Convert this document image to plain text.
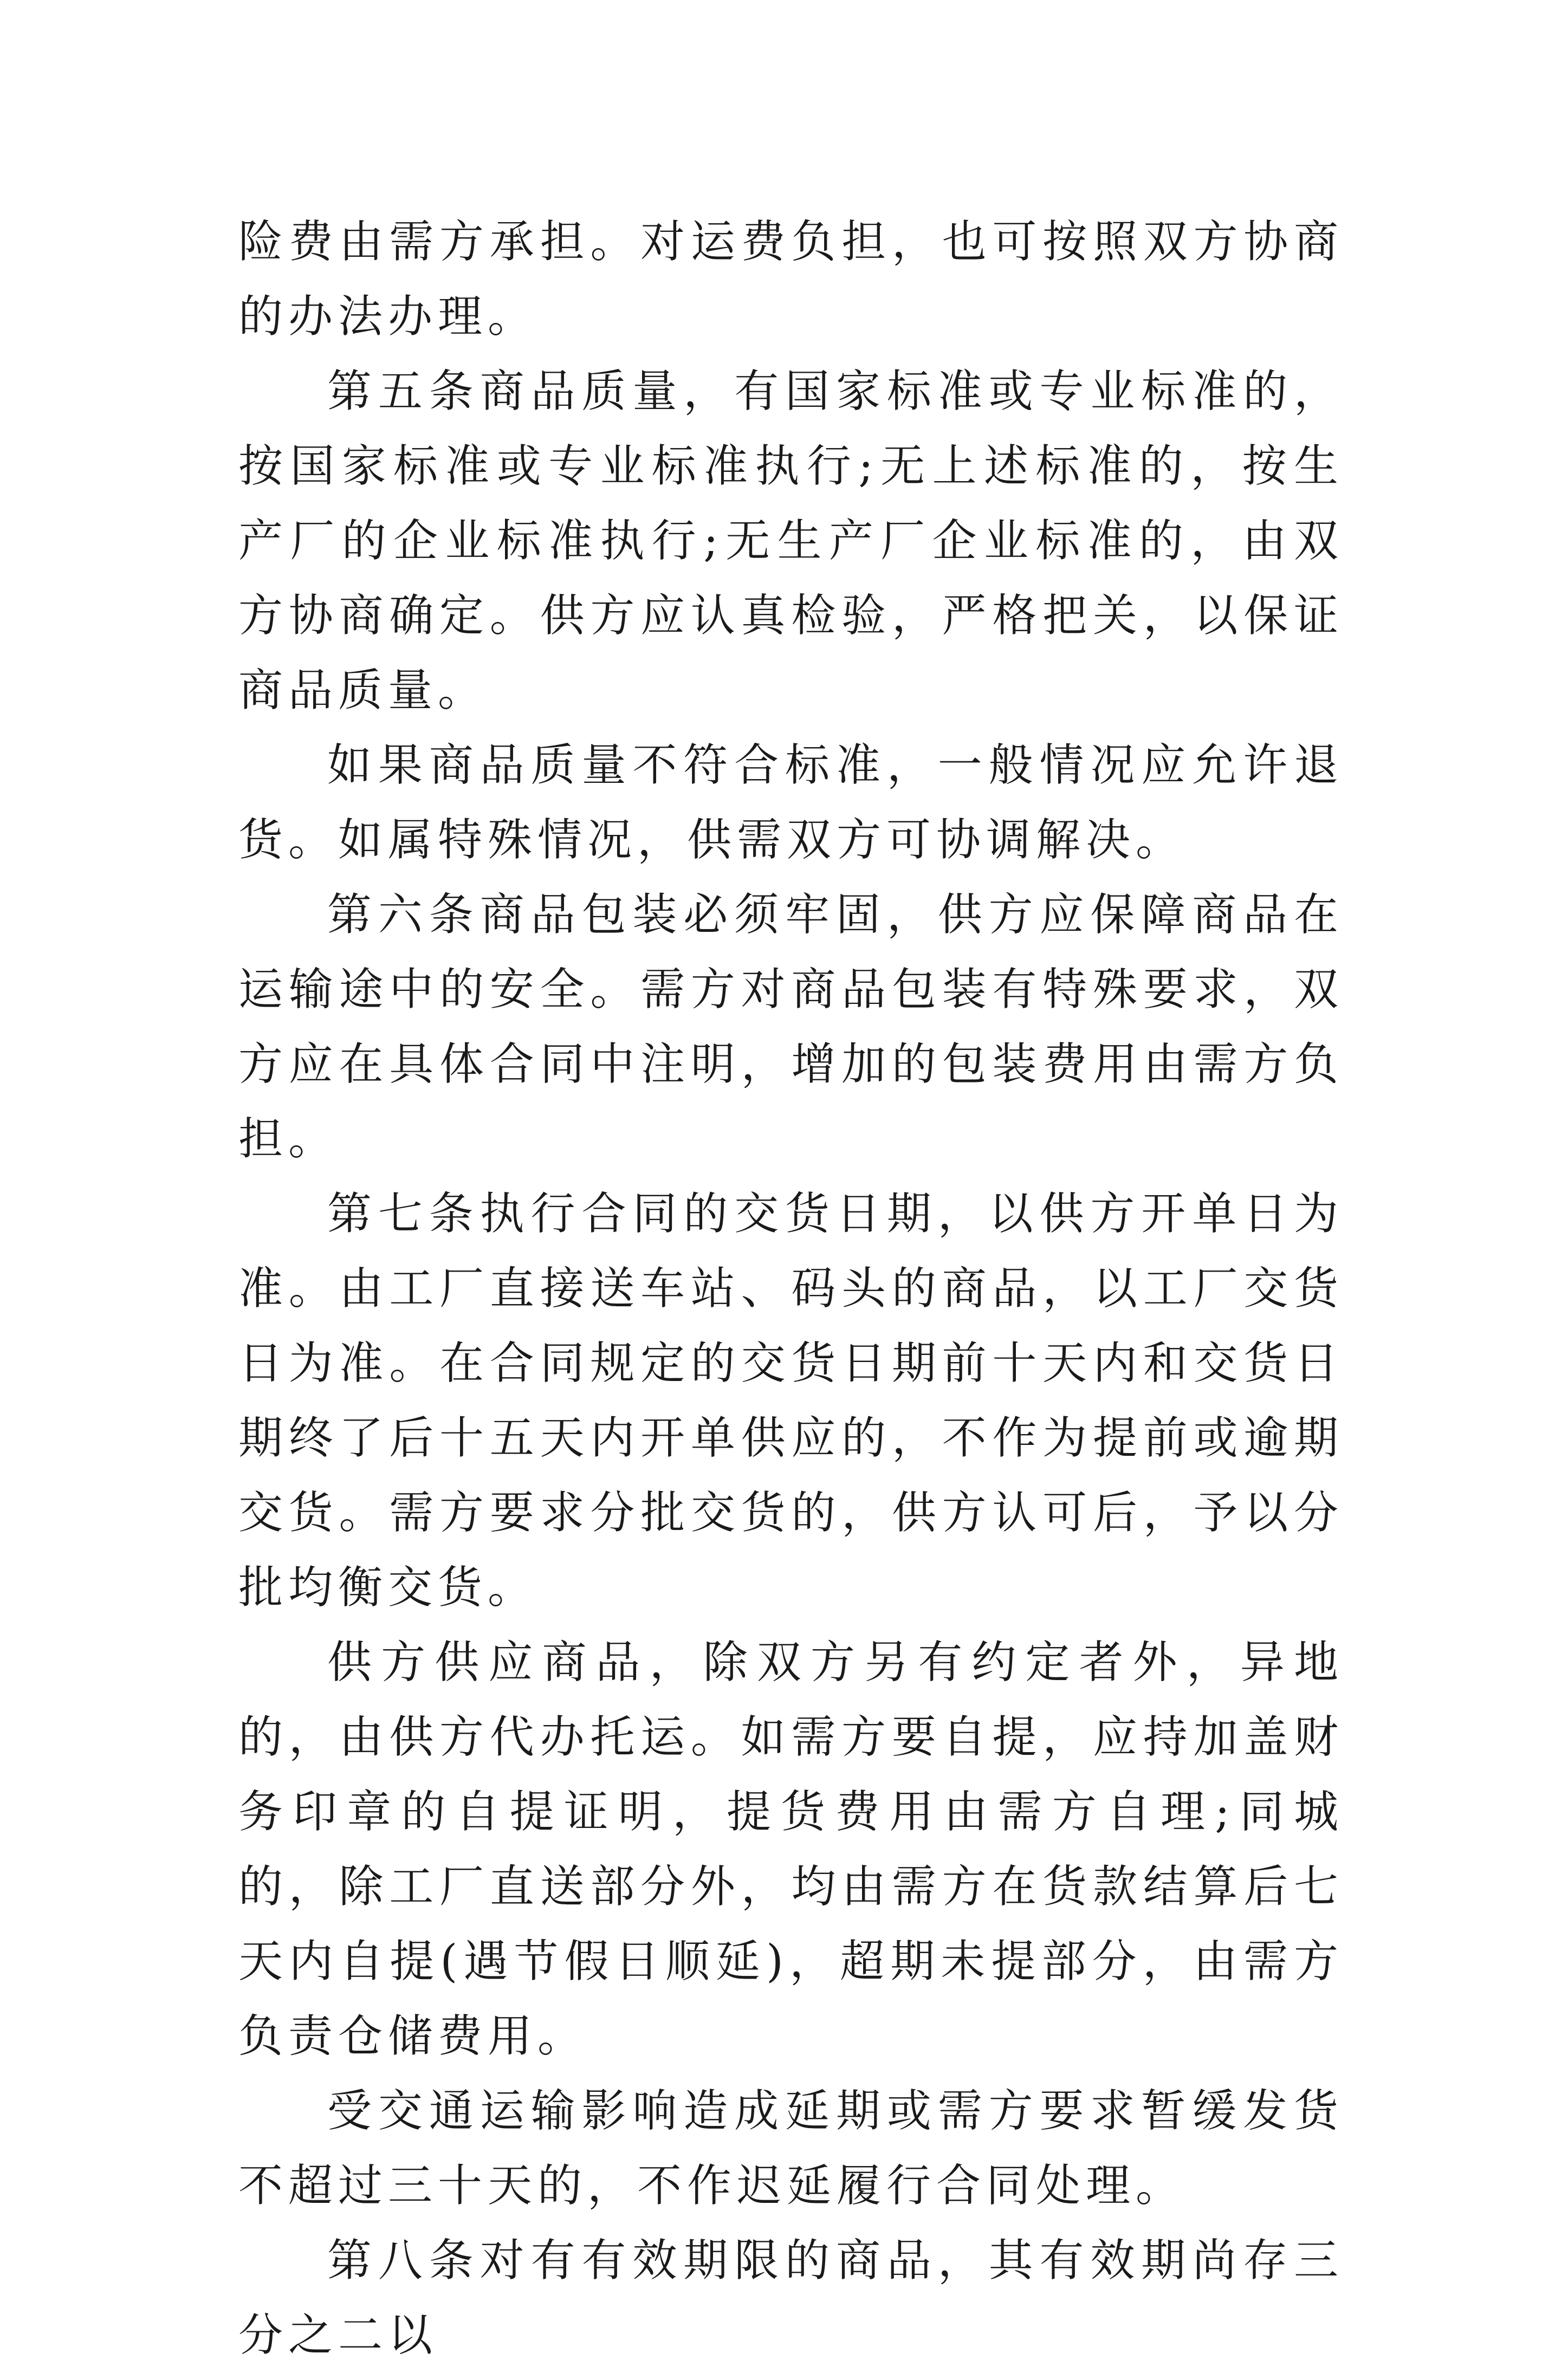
险费由需方承担。对运费负担，也可按照双方协商的办法办理。

第五条商品质量，有国家标准或专业标准的，按国家标准或专业标准执行;无上述标准的，按生产厂的企业标准执行;无生产厂企业标准的，由双方协商确定。供方应认真检验，严格把关，以保证商品质量。

如果商品质量不符合标准，一般情况应允许退货。如属特殊情况，供需双方可协调解决。

第六条商品包装必须牢固，供方应保障商品在运输途中的安全。需方对商品包装有特殊要求，双方应在具体合同中注明，增加的包装费用由需方负担。

第七条执行合同的交货日期，以供方开单日为准。由工厂直接送车站、码头的商品，以工厂交货日为准。在合同规定的交货日期前十天内和交货日期终了后十五天内开单供应的，不作为提前或逾期交货。需方要求分批交货的，供方认可后，予以分批均衡交货。

供方供应商品，除双方另有约定者外，异地的，由供方代办托运。如需方要自提，应持加盖财务印章的自提证明，提货费用由需方自理;同城的，除工厂直送部分外，均由需方在货款结算后七天内自提(遇节假日顺延)，超期未提部分，由需方负责仓储费用。

受交通运输影响造成延期或需方要求暂缓发货不超过三十天的，不作迟延履行合同处理。

第八条对有有效期限的商品，其有效期尚存三分之二以
